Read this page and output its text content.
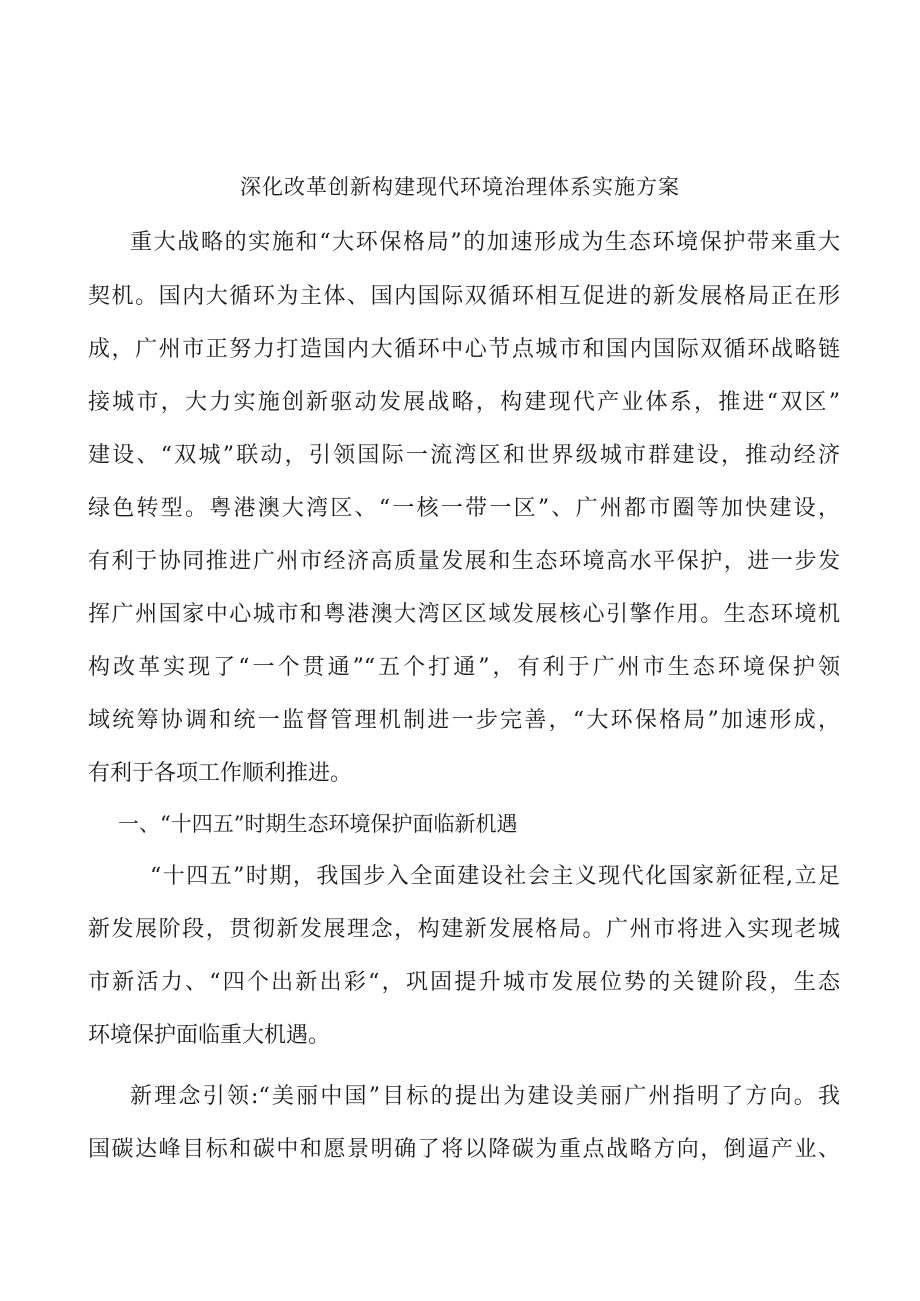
深化改革创新构建现代环境治理体系实施方案
重大战略的实施和“大环保格局”的加速形成为生态环境保护带来重大
契机。国内大循环为主体、国内国际双循环相互促进的新发展格局正在形
成，广州市正努力打造国内大循环中心节点城市和国内国际双循环战略链
接城市，大力实施创新驱动发展战略，构建现代产业体系，推进“双区”
建设、“双城”联动，引领国际一流湾区和世界级城市群建设，推动经济
绿色转型。粤港澳大湾区、“一核一带一区”、广州都市圈等加快建设，
有利于协同推进广州市经济高质量发展和生态环境高水平保护，进一步发
挥广州国家中心城市和粤港澳大湾区区域发展核心引擎作用。生态环境机
构改革实现了“一个贯通”“五个打通”，有利于广州市生态环境保护领
域统筹协调和统一监督管理机制进一步完善，“大环保格局”加速形成，
有利于各项工作顺利推进。
一、“十四五”时期生态环境保护面临新机遇
“十四五”时期，我国步入全面建设社会主义现代化国家新征程,立足
新发展阶段，贯彻新发展理念，构建新发展格局。广州市将进入实现老城
市新活力、“四个出新出彩“，巩固提升城市发展位势的关键阶段，生态
环境保护面临重大机遇。
新理念引领:“美丽中国”目标的提出为建设美丽广州指明了方向。我
国碳达峰目标和碳中和愿景明确了将以降碳为重点战略方向，倒逼产业、
